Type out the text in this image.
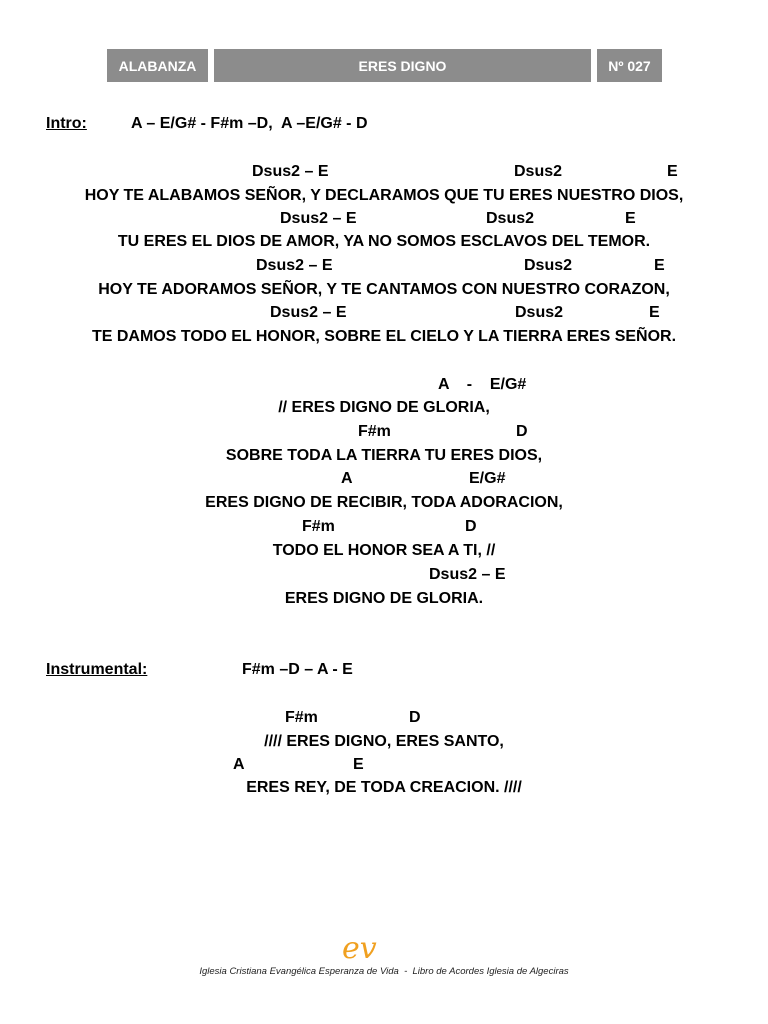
ALABANZA	ERES DIGNO	Nº 027
Intro:	A – E/G# - F#m –D,  A –E/G# - D
Dsus2 – E	Dsus2	E
HOY TE ALABAMOS SEÑOR, Y DECLARAMOS QUE TU ERES NUESTRO DIOS,
Dsus2 – E	Dsus2	E
TU ERES EL DIOS DE AMOR, YA NO SOMOS ESCLAVOS DEL TEMOR.
Dsus2 – E	Dsus2	E
HOY TE ADORAMOS SEÑOR, Y TE CANTAMOS CON NUESTRO CORAZON,
Dsus2 – E	Dsus2	E
TE DAMOS TODO EL HONOR, SOBRE EL CIELO Y LA TIERRA ERES SEÑOR.
A    -    E/G#
// ERES DIGNO DE GLORIA,
F#m	D
SOBRE TODA LA TIERRA TU ERES DIOS,
A	E/G#
ERES DIGNO DE RECIBIR, TODA ADORACION,
F#m	D
TODO EL HONOR SEA A TI, //
Dsus2 – E
ERES DIGNO DE GLORIA.
Instrumental:	F#m –D – A - E
F#m	D
//// ERES DIGNO, ERES SANTO,
A	E
ERES REY, DE TODA CREACION. ////
ev
Iglesia Cristiana Evangélica Esperanza de Vida  -  Libro de Acordes Iglesia de Algeciras
